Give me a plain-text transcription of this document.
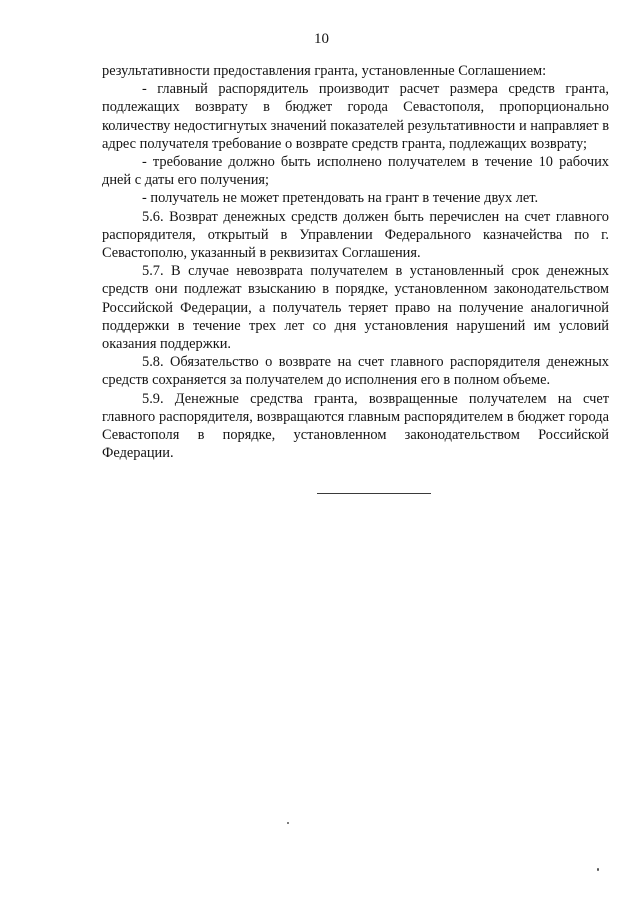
10

результативности предоставления гранта, установленные Соглашением:

- главный распорядитель производит расчет размера средств гранта, подлежащих возврату в бюджет города Севастополя, пропорционально количеству недостигнутых значений показателей результативности и направляет в адрес получателя требование о возврате средств гранта, подлежащих возврату;

- требование должно быть исполнено получателем в течение 10 рабочих дней с даты его получения;

- получатель не может претендовать на грант в течение двух лет.

5.6. Возврат денежных средств должен быть перечислен на счет главного распорядителя, открытый в Управлении Федерального казначейства по г. Севастополю, указанный в реквизитах Соглашения.

5.7. В случае невозврата получателем в установленный срок денежных средств они подлежат взысканию в порядке, установленном законодательством Российской Федерации, а получатель теряет право на получение аналогичной поддержки в течение трех лет со дня установления нарушений им условий оказания поддержки.

5.8. Обязательство о возврате на счет главного распорядителя денежных средств сохраняется за получателем до исполнения его в полном объеме.

5.9. Денежные средства гранта, возвращенные получателем на счет главного распорядителя, возвращаются главным распорядителем в бюджет города Севастополя в порядке, установленном законодательством Российской Федерации.
